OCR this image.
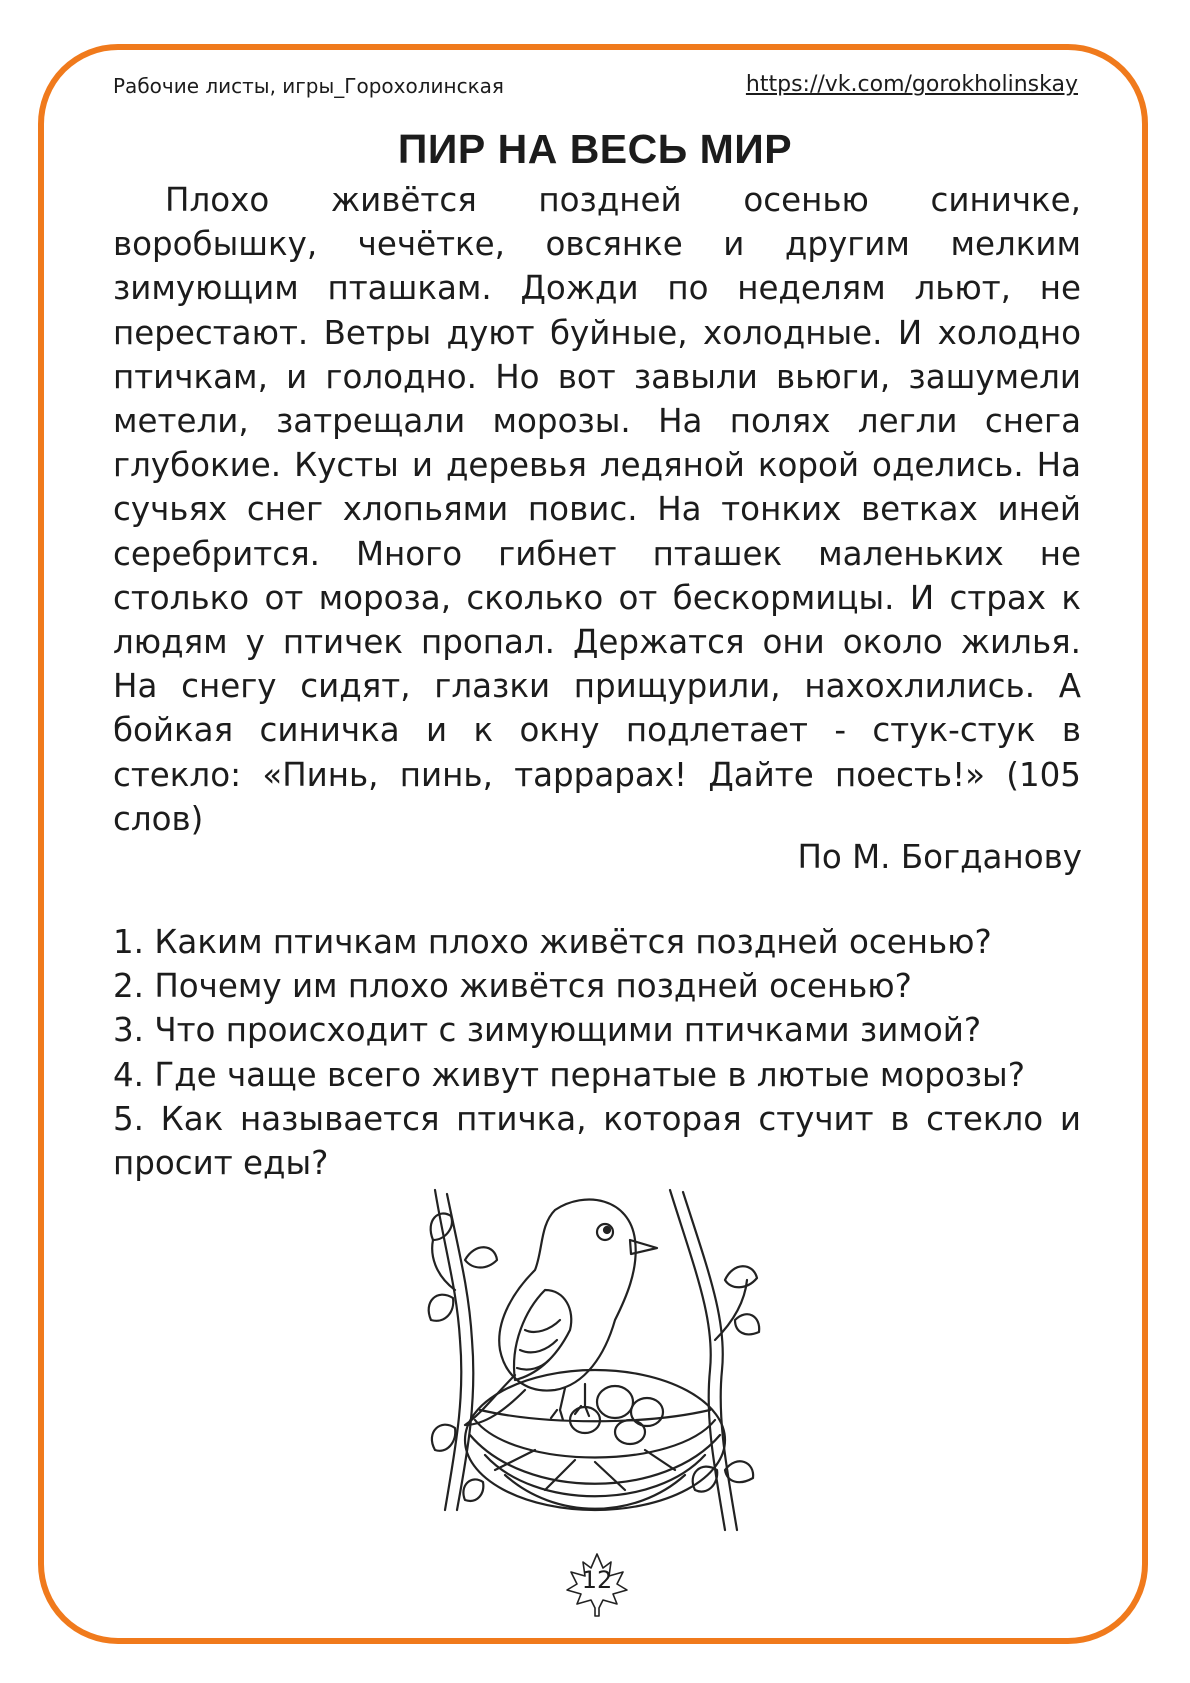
Рабочие листы, игры_Горохолинская	https://vk.com/gorokholinskay
ПИР НА ВЕСЬ МИР

Плохо живётся поздней осенью синичке, воробышку, чечётке, овсянке и другим мелким зимующим пташкам. Дожди по неделям льют, не перестают. Ветры дуют буйные, холодные. И холодно птичкам, и голодно. Но вот завыли вьюги, зашумели метели, затрещали морозы. На полях легли снега глубокие. Кусты и деревья ледяной корой оделись. На сучьях снег хлопьями повис. На тонких ветках иней серебрится. Много гибнет пташек маленьких не столько от мороза, сколько от бескормицы. И страх к людям у птичек пропал. Держатся они около жилья. На снегу сидят, глазки прищурили, нахохлились. А бойкая синичка и к окну подлетает - стук-стук в стекло: «Пинь, пинь, таррарах! Дайте поесть!» (105 слов)

По М. Богданову
1. Каким птичкам плохо живётся поздней осенью?
2. Почему им плохо живётся поздней осенью?
3. Что происходит с зимующими птичками зимой?
4. Где чаще всего живут пернатые в лютые морозы?
5. Как называется птичка, которая стучит в стекло и просит еды?
12
